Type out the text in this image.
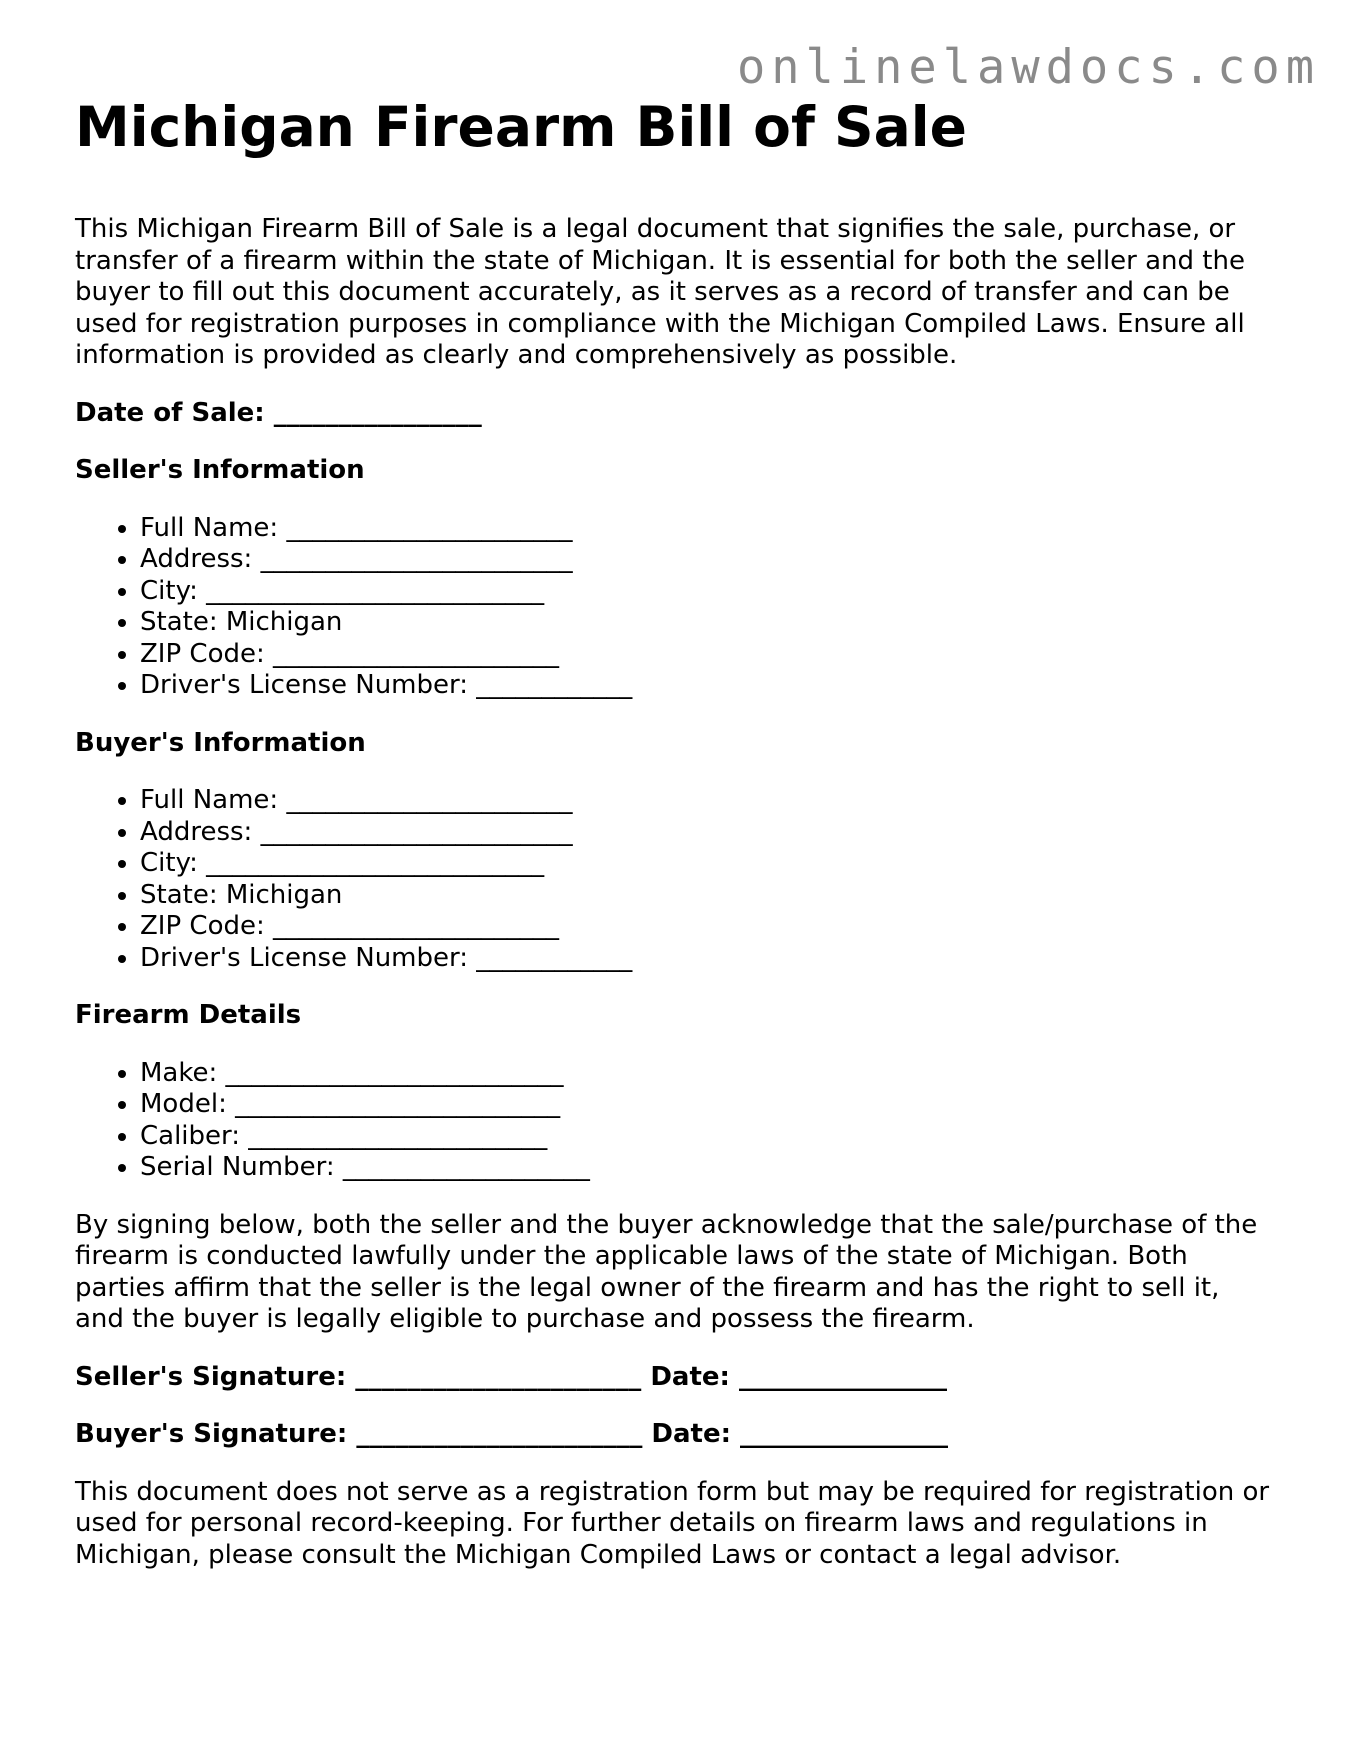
onlinelawdocs.com
Michigan Firearm Bill of Sale

This Michigan Firearm Bill of Sale is a legal document that signifies the sale, purchase, or transfer of a firearm within the state of Michigan. It is essential for both the seller and the buyer to fill out this document accurately, as it serves as a record of transfer and can be used for registration purposes in compliance with the Michigan Compiled Laws. Ensure all information is provided as clearly and comprehensively as possible.

Date of Sale: ________________
Seller's Information
• Full Name: ______________________
• Address: ________________________
• City: __________________________
• State: Michigan
• ZIP Code: ______________________
• Driver's License Number: ____________
Buyer's Information
• Full Name: ______________________
• Address: ________________________
• City: __________________________
• State: Michigan
• ZIP Code: ______________________
• Driver's License Number: ____________
Firearm Details
• Make: __________________________
• Model: _________________________
• Caliber: _______________________
• Serial Number: ___________________

By signing below, both the seller and the buyer acknowledge that the sale/purchase of the firearm is conducted lawfully under the applicable laws of the state of Michigan. Both parties affirm that the seller is the legal owner of the firearm and has the right to sell it, and the buyer is legally eligible to purchase and possess the firearm.

Seller's Signature: ______________________ Date: ________________
Buyer's Signature: ______________________ Date: ________________

This document does not serve as a registration form but may be required for registration or used for personal record-keeping. For further details on firearm laws and regulations in Michigan, please consult the Michigan Compiled Laws or contact a legal advisor.
